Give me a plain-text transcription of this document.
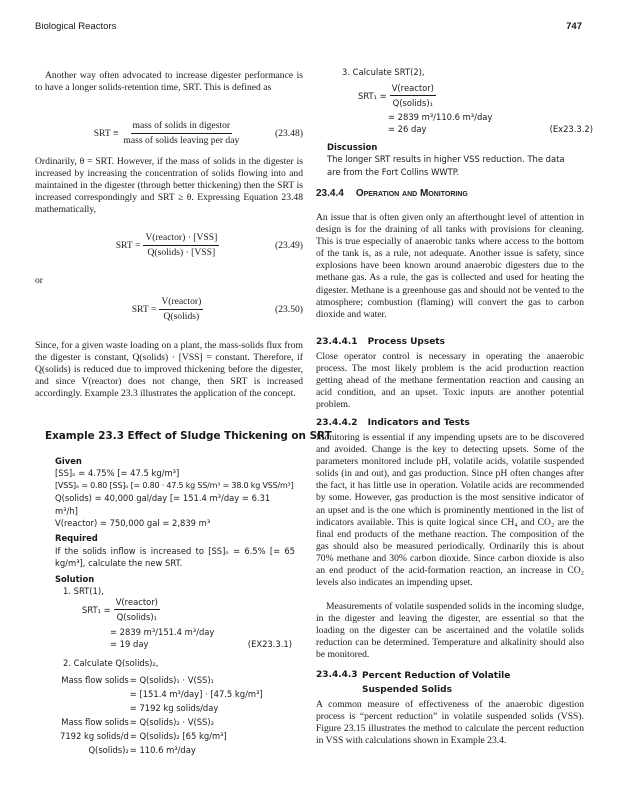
Biological Reactors	747

Another way often advocated to increase digester performance is to have a longer solids-retention time, SRT. This is defined as

SRT ≡ $\frac{\text{mass of solids in digestor}}{\text{mass of solids leaving per day}}$	(23.48)

Ordinarily, θ = SRT. However, if the mass of solids in the digester is increased by increasing the concentration of solids flowing into and maintained in the digester (through better thickening) then the SRT is increased correspondingly and SRT ≥ θ. Expressing Equation 23.48 mathematically,

SRT = $\frac{\text{V(reactor) · [VSS]}}{\text{Q(solids) · [VSS]}}$	(23.49)
or
SRT = $\frac{\text{V(reactor)}}{\text{Q(solids)}}$	(23.50)

Since, for a given waste loading on a plant, the mass-solids flux from the digester is constant, Q(solids) · [VSS] = constant. Therefore, if Q(solids) is reduced due to improved thickening before the digester, and since V(reactor) does not change, then SRT is increased accordingly. Example 23.3 illustrates the application of the concept.

Example 23.3 Effect of Sludge Thickening on SRT
Given
[SS]ₒ = 4.75% [= 47.5 kg/m³]
[VSS]ₒ = 0.80 [SS]ₒ [= 0.80 · 47.5 kg SS/m³ = 38.0 kg VSS/m³]
Q(solids) = 40,000 gal/day [= 151.4 m³/day = 6.31 m³/h]
V(reactor) = 750,000 gal = 2,839 m³
Required
If the solids inflow is increased to [SS]ₒ = 6.5% [= 65 kg/m³], calculate the new SRT.
Solution
1. SRT(1),
$SRT_1 = \frac{\text{V(reactor)}}{\text{Q(solids)₁}}$
= 2839 m³/151.4 m³/day
= 19 day	(EX23.3.1)
2. Calculate Q(solids)₂,
Mass flow solids	= Q(solids)₁ · V(SS)₁
	= [151.4 m³/day] · [47.5 kg/m³]
	= 7192 kg solids/day
Mass flow solids	= Q(solids)₂ · V(SS)₂
7192 kg solids/d	= Q(solids)₂ [65 kg/m³]
Q(solids)₂	= 110.6 m³/day
3. Calculate SRT(2),
$SRT_1 = \frac{\text{V(reactor)}}{\text{Q(solids)₁}}$
= 2839 m³/110.6 m³/day
= 26 day	(Ex23.3.2)
Discussion
The longer SRT results in higher VSS reduction. The data are from the Fort Collins WWTP.
23.4.4 Operation and Monitoring

An issue that is often given only an afterthought level of attention in design is for the draining of all tanks with provisions for cleaning. This is true especially of anaerobic tanks where access to the bottom of the tank is, as a rule, not adequate. Another issue is safety, since explosions have been known around anaerobic digesters due to the methane gas. As a rule, the gas is collected and used for heating the digester. Methane is a greenhouse gas and should not be vented to the atmosphere; combustion (flaming) will convert the gas to carbon dioxide and water.

23.4.4.1 Process Upsets

Close operator control is necessary in operating the anaerobic process. The most likely problem is the acid production reaction getting ahead of the methane fermentation reaction and causing an acid condition, and an upset. Toxic inputs are another potential problem.

23.4.4.2 Indicators and Tests

Monitoring is essential if any impending upsets are to be discovered and avoided. Change is the key to detecting upsets. Some of the parameters monitored include pH, volatile acids, volatile suspended solids (in and out), and gas production. Since pH often changes after the fact, it has little use in operation. Volatile acids are recommended by some. However, gas production is the most sensitive indicator of an upset and is the one which is prominently mentioned in the list of indicators available. This is quite logical since CH₄ and CO₂ are the final end products of the methane reaction. The composition of the gas should also be measured periodically. Ordinarily this is about 70% methane and 30% carbon dioxide. Since carbon dioxide is also an end product of the acid-formation reaction, an increase in CO₂ levels also indicates an impending upset.

Measurements of volatile suspended solids in the incoming sludge, in the digester and leaving the digester, are essential so that the loading on the digester can be ascertained and the volatile solids reduction can be determined. Temperature and alkalinity should also be monitored.

23.4.4.3 Percent Reduction of Volatile Suspended Solids

A common measure of effectiveness of the anaerobic digestion process is “percent reduction” in volatile suspended solids (VSS). Figure 23.15 illustrates the method to calculate the percent reduction in VSS with calculations shown in Example 23.4.
